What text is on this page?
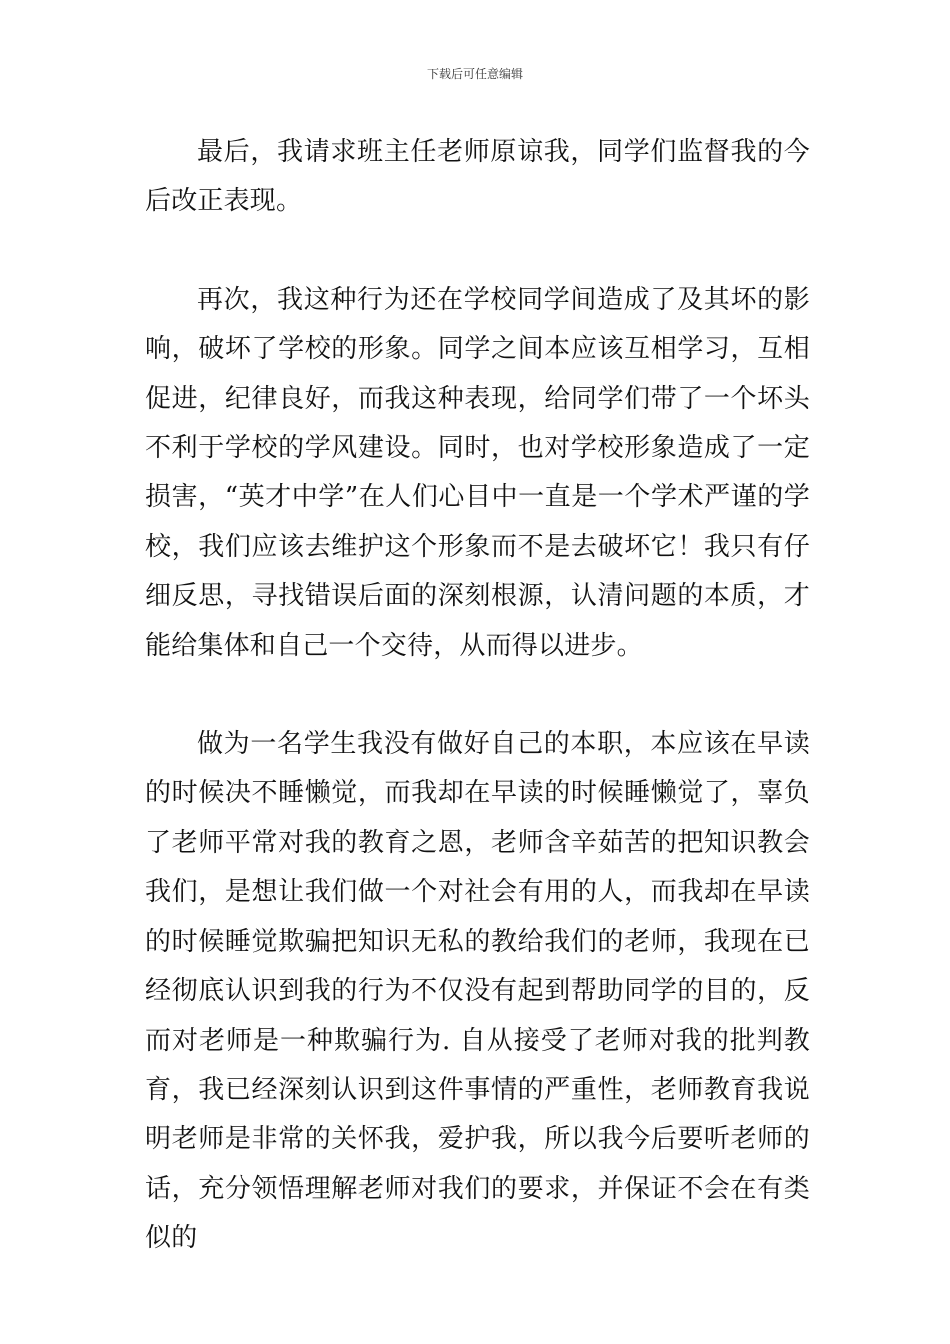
下载后可任意编辑

最后，我请求班主任老师原谅我，同学们监督我的今后改正表现。

再次，我这种行为还在学校同学间造成了及其坏的影响，破坏了学校的形象。同学之间本应该互相学习，互相促进，纪律良好，而我这种表现，给同学们带了一个坏头不利于学校的学风建设。同时，也对学校形象造成了一定损害，“英才中学”在人们心目中一直是一个学术严谨的学校，我们应该去维护这个形象而不是去破坏它！我只有仔细反思，寻找错误后面的深刻根源，认清问题的本质，才能给集体和自己一个交待，从而得以进步。

做为一名学生我没有做好自己的本职，本应该在早读的时候决不睡懒觉，而我却在早读的时候睡懒觉了，辜负了老师平常对我的教育之恩，老师含辛茹苦的把知识教会我们，是想让我们做一个对社会有用的人，而我却在早读的时候睡觉欺骗把知识无私的教给我们的老师，我现在已经彻底认识到我的行为不仅没有起到帮助同学的目的，反而对老师是一种欺骗行为. 自从接受了老师对我的批判教育，我已经深刻认识到这件事情的严重性，老师教育我说明老师是非常的关怀我，爱护我，所以我今后要听老师的话，充分领悟理解老师对我们的要求，并保证不会在有类似的
